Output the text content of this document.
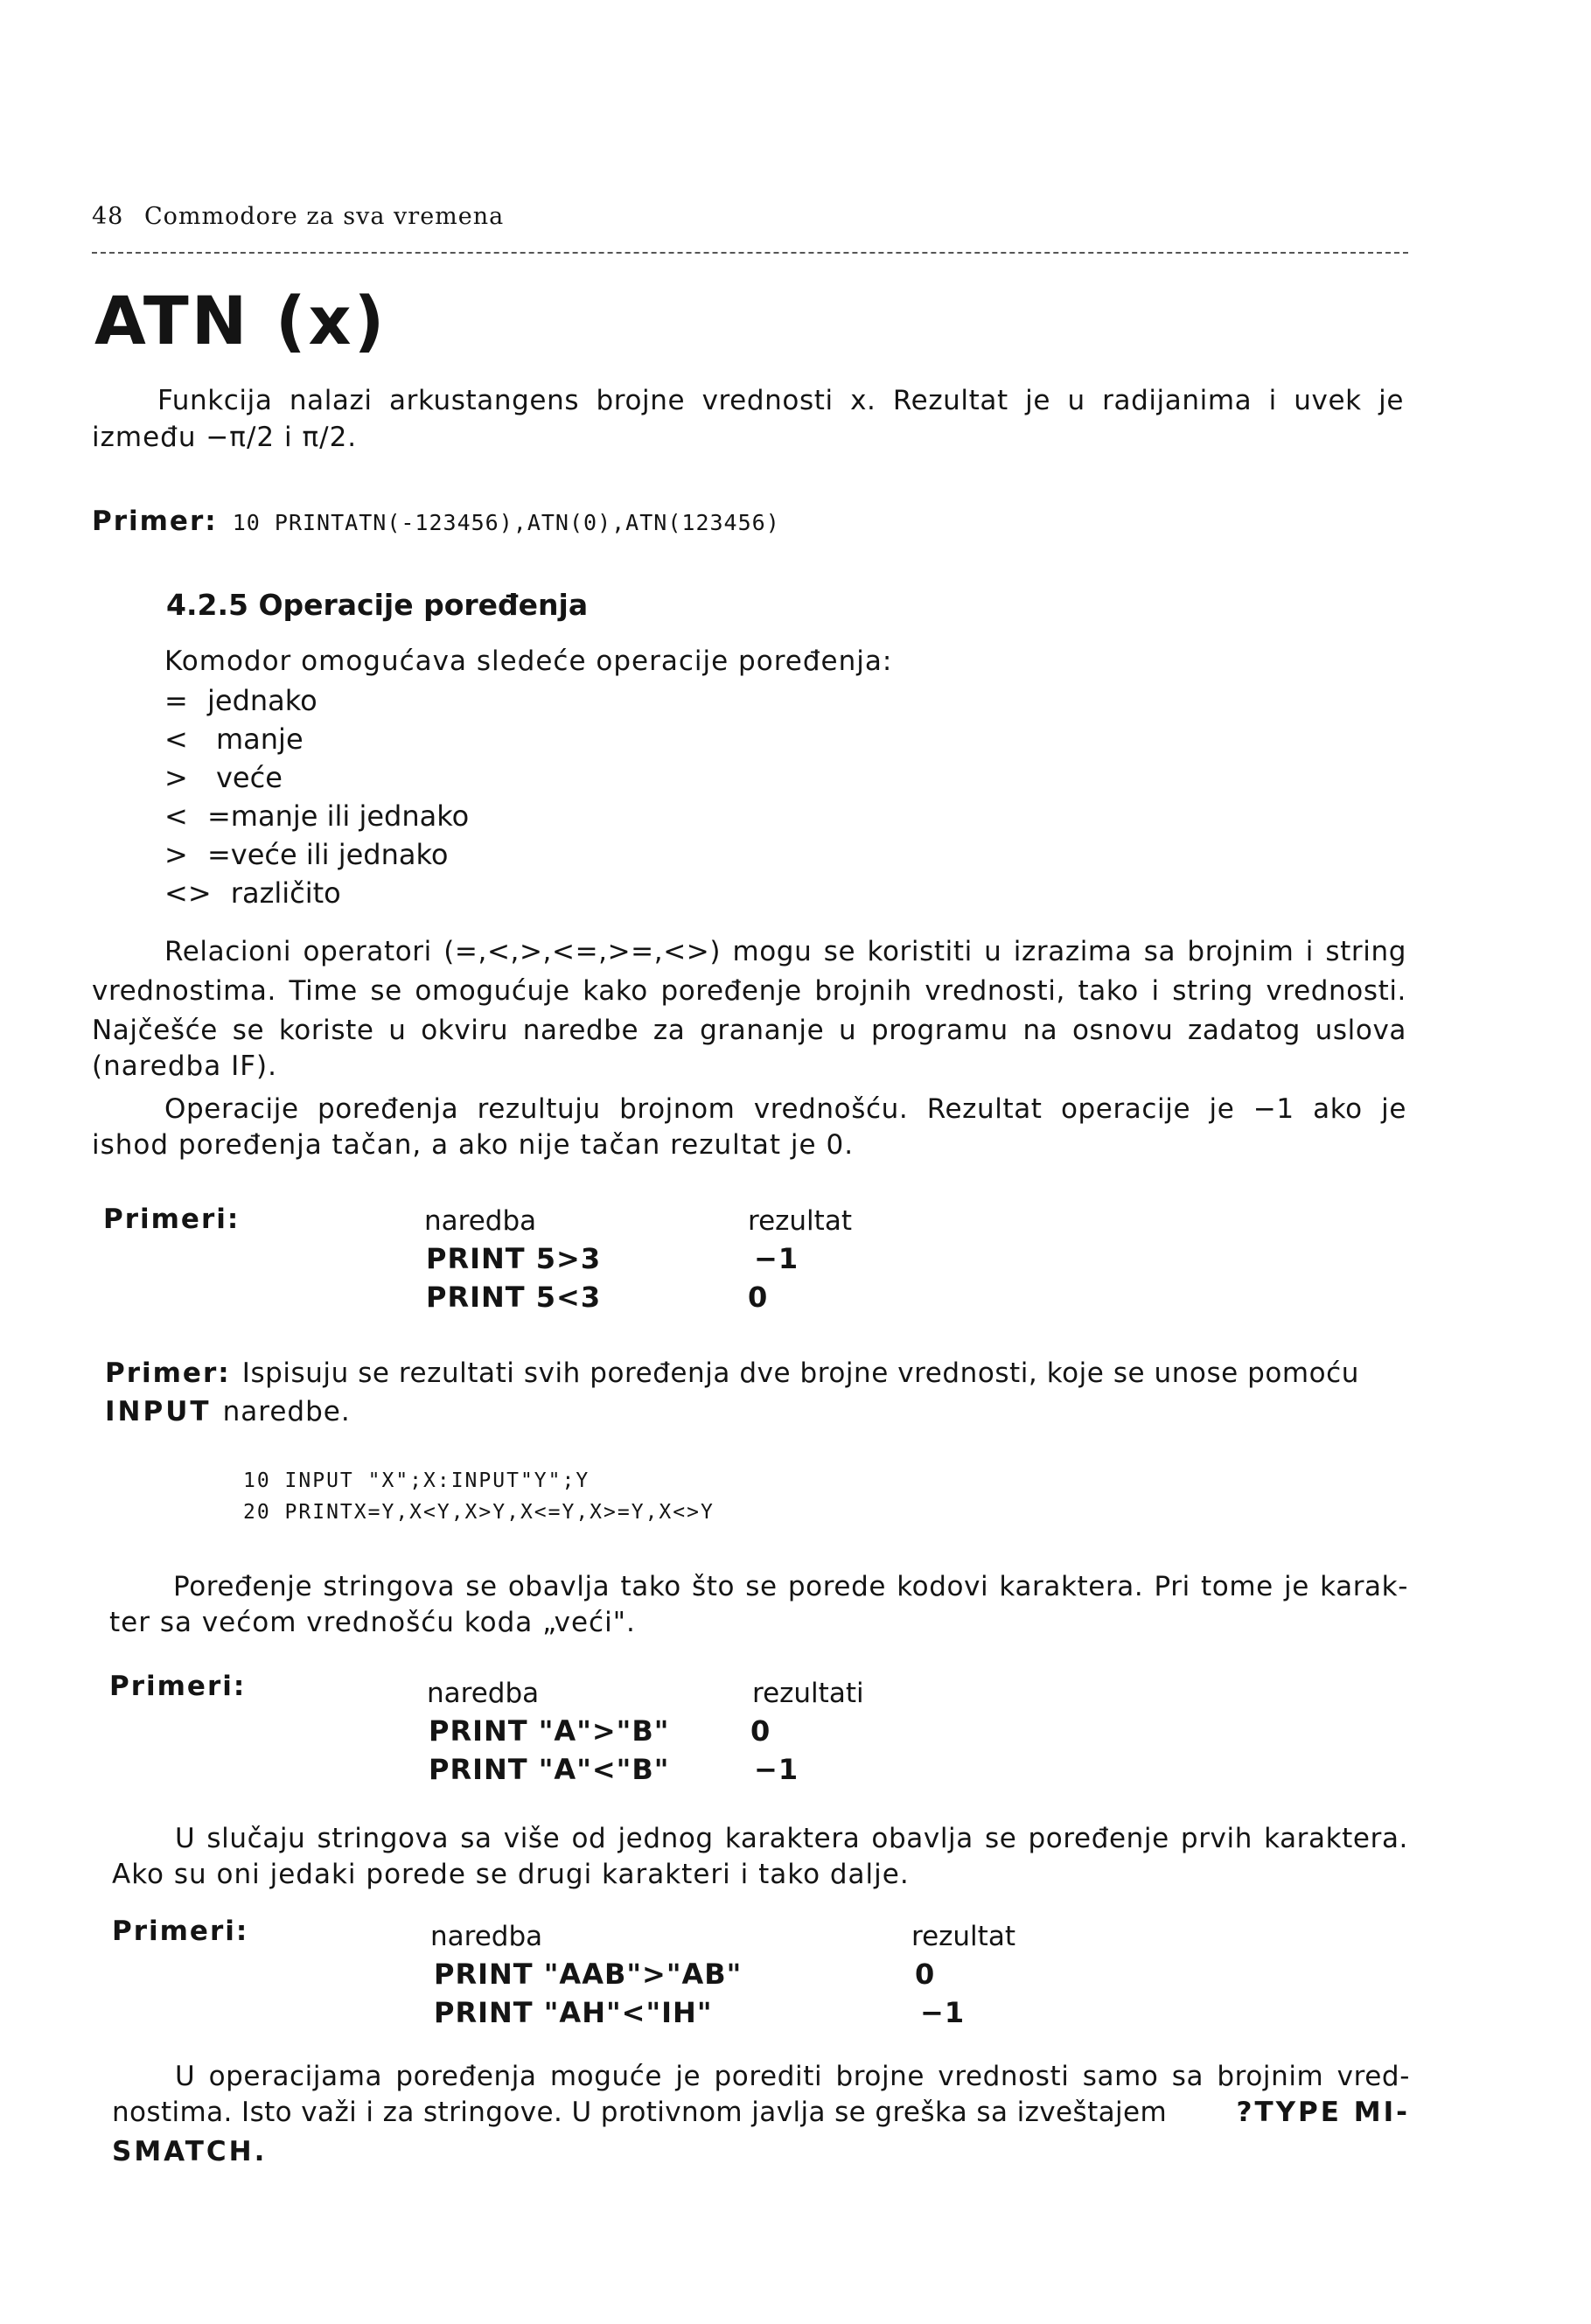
48 Commodore za sva vremena
ATN (x)
Funkcija nalazi arkustangens brojne vrednosti x. Rezultat je u radijanima i uvek je
između −π/2 i π/2.
Primer: 10 PRINTATN(-123456),ATN(0),ATN(123456)
4.2.5 Operacije poređenja
Komodor omogućava sledeće operacije poređenja:
= jednako
< manje
> veće
< =manje ili jednako
> =veće ili jednako
<> različito
Relacioni operatori (=,<,>,<=,>=,<>) mogu se koristiti u izrazima sa brojnim i string
vrednostima. Time se omogućuje kako poređenje brojnih vrednosti, tako i string vrednosti.
Najčešće se koriste u okviru naredbe za grananje u programu na osnovu zadatog uslova
(naredba IF).
Operacije poređenja rezultuju brojnom vrednošću. Rezultat operacije je −1 ako je
ishod poređenja tačan, a ako nije tačan rezultat je 0.
Primeri:	naredba	rezultat
PRINT 5>3	−1
PRINT 5<3	0
Primer: Ispisuju se rezultati svih poređenja dve brojne vrednosti, koje se unose pomoću
INPUT naredbe.
10 INPUT "X";X:INPUT"Y";Y
20 PRINTX=Y,X<Y,X>Y,X<=Y,X>=Y,X<>Y
Poređenje stringova se obavlja tako što se porede kodovi karaktera. Pri tome je karak-
ter sa većom vrednošću koda „veći".
Primeri:	naredba	rezultati
PRINT "A">"B"	0
PRINT "A"<"B"	−1
U slučaju stringova sa više od jednog karaktera obavlja se poređenje prvih karaktera.
Ako su oni jedaki porede se drugi karakteri i tako dalje.
Primeri:	naredba	rezultat
PRINT "AAB">"AB"	0
PRINT "AH"<"IH"	−1
U operacijama poređenja moguće je porediti brojne vrednosti samo sa brojnim vred-
nostima. Isto važi i za stringove. U protivnom javlja se greška sa izveštajem	?TYPE MI-
SMATCH.
